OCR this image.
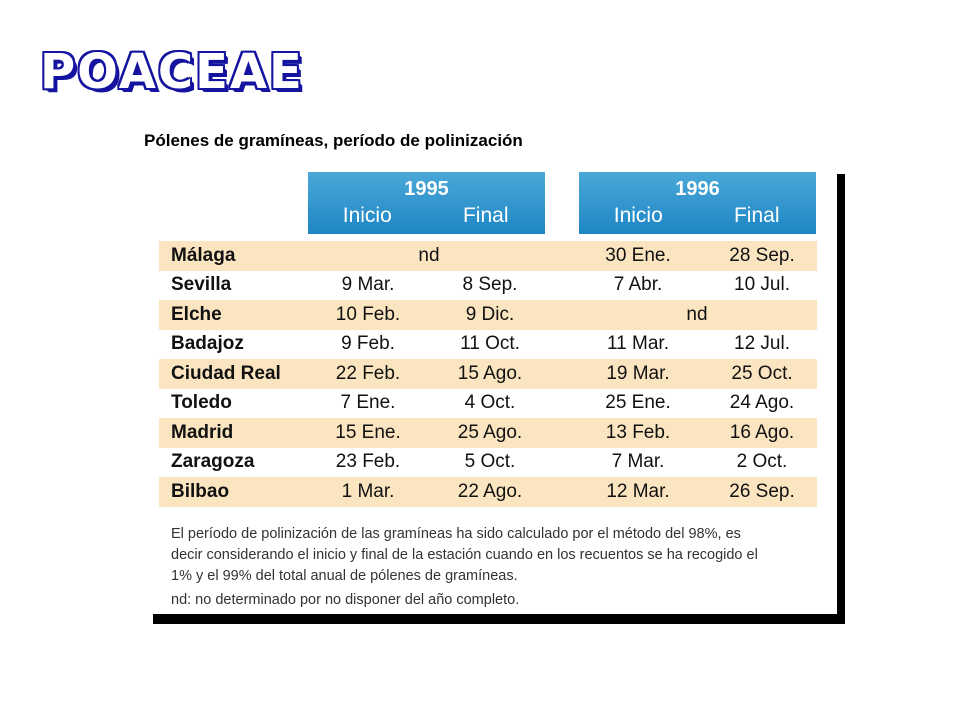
POACEAE
Pólenes de gramíneas, período de polinización
1995
Inicio	Final
1996
Inicio	Final
Málaga	nd	30 Ene.	28 Sep.
Sevilla	9 Mar.	8 Sep.	7 Abr.	10 Jul.
Elche	10 Feb.	9 Dic.	nd
Badajoz	9 Feb.	11 Oct.	11 Mar.	12 Jul.
Ciudad Real	22 Feb.	15 Ago.	19 Mar.	25 Oct.
Toledo	7 Ene.	4 Oct.	25 Ene.	24 Ago.
Madrid	15 Ene.	25 Ago.	13 Feb.	16 Ago.
Zaragoza	23 Feb.	5 Oct.	7 Mar.	2 Oct.
Bilbao	1 Mar.	22 Ago.	12 Mar.	26 Sep.
El período de polinización de las gramíneas ha sido calculado por el método del 98%, es
decir considerando el inicio y final de la estación cuando en los recuentos se ha recogido el
1% y el 99% del total anual de pólenes de gramíneas.
nd: no determinado por no disponer del año completo.
